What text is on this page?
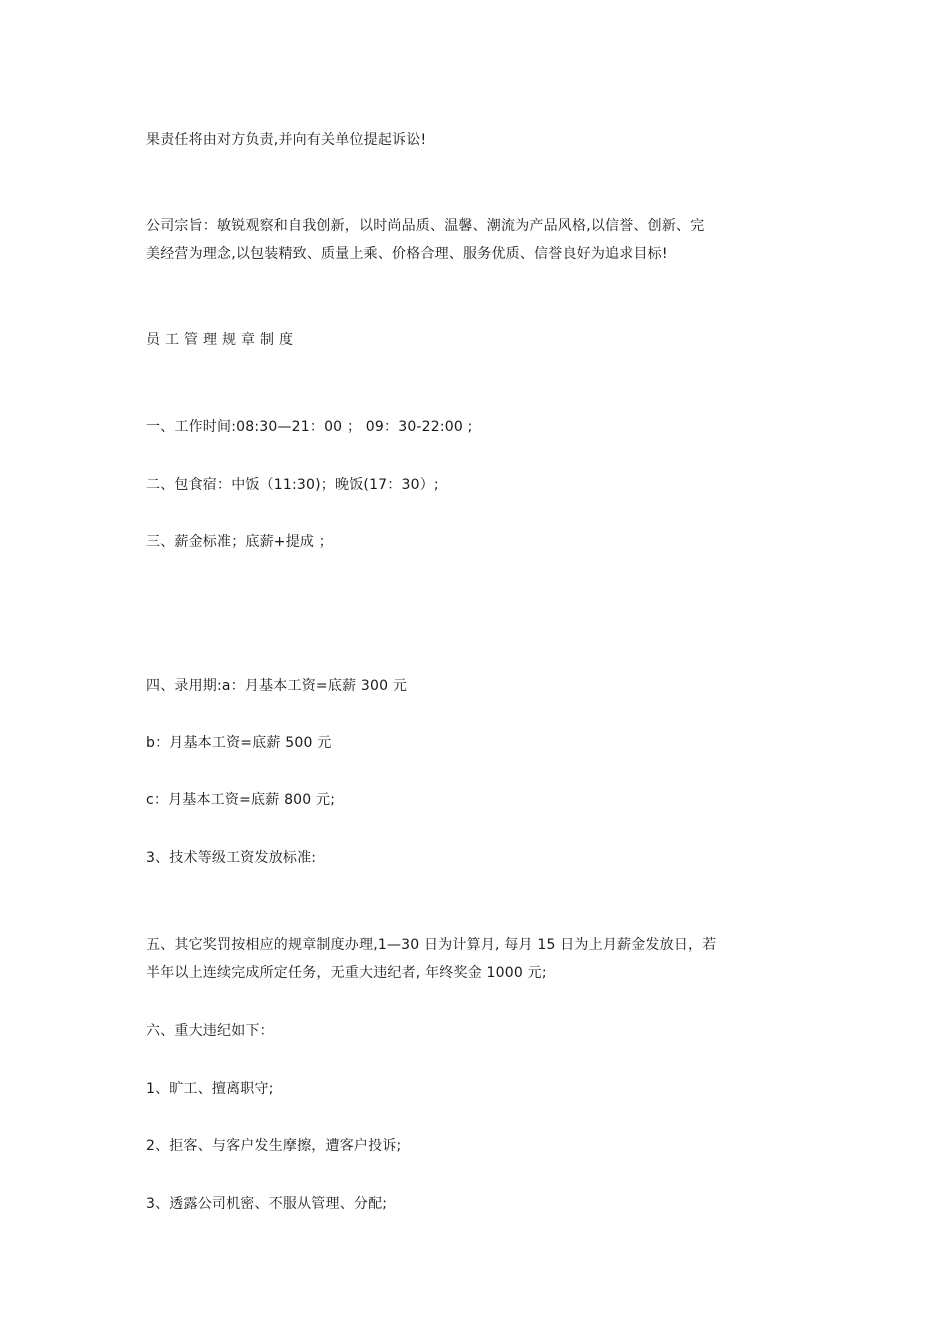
果责任将由对方负责,并向有关单位提起诉讼!
公司宗旨：敏锐观察和自我创新，以时尚品质、温馨、潮流为产品风格,以信誉、创新、完
美经营为理念,以包装精致、质量上乘、价格合理、服务优质、信誉良好为追求目标!
员工管理规章制度
一、工作时间:08:30—21：00 ； 09：30-22:00 ;
二、包食宿：中饭（11:30)；晚饭(17：30）;
三、薪金标准；底薪+提成 ；
四、录用期:a：月基本工资=底薪 300 元
b：月基本工资=底薪 500 元
c：月基本工资=底薪 800 元;
3、技术等级工资发放标准:
五、其它奖罚按相应的规章制度办理,1—30 日为计算月, 每月 15 日为上月薪金发放日，若
半年以上连续完成所定任务，无重大违纪者, 年终奖金 1000 元;
六、重大违纪如下：
1、旷工、擅离职守;
2、拒客、与客户发生摩擦，遭客户投诉;
3、透露公司机密、不服从管理、分配;
